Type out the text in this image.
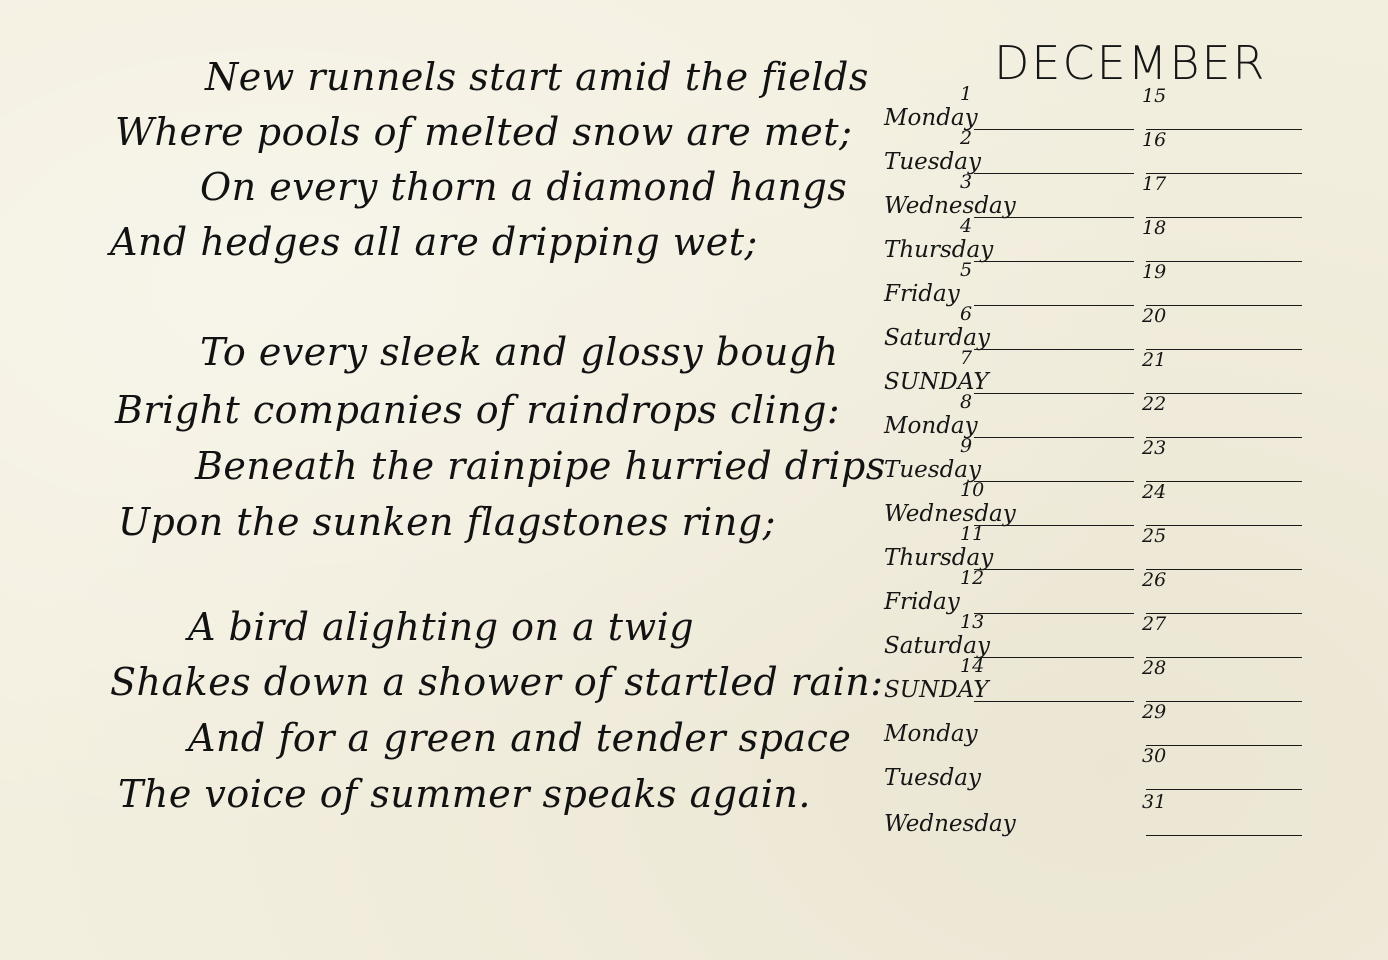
New runnels start amid the fields
Where pools of melted snow are met;
On every thorn a diamond hangs
And hedges all are dripping wet;
To every sleek and glossy bough
Bright companies of raindrops cling:
Beneath the rainpipe hurried drips
Upon the sunken flagstones ring;
A bird alighting on a twig
Shakes down a shower of startled rain:
And for a green and tender space
The voice of summer speaks again.
DECEMBER
Monday
1
Tuesday
2
Wednesday
3
Thursday
4
Friday
5
Saturday
6
SUNDAY
7
Monday
8
Tuesday
9
Wednesday
10
Thursday
11
Friday
12
Saturday
13
SUNDAY
14
Monday
Tuesday
Wednesday
15
16
17
18
19
20
21
22
23
24
25
26
27
28
29
30
31
